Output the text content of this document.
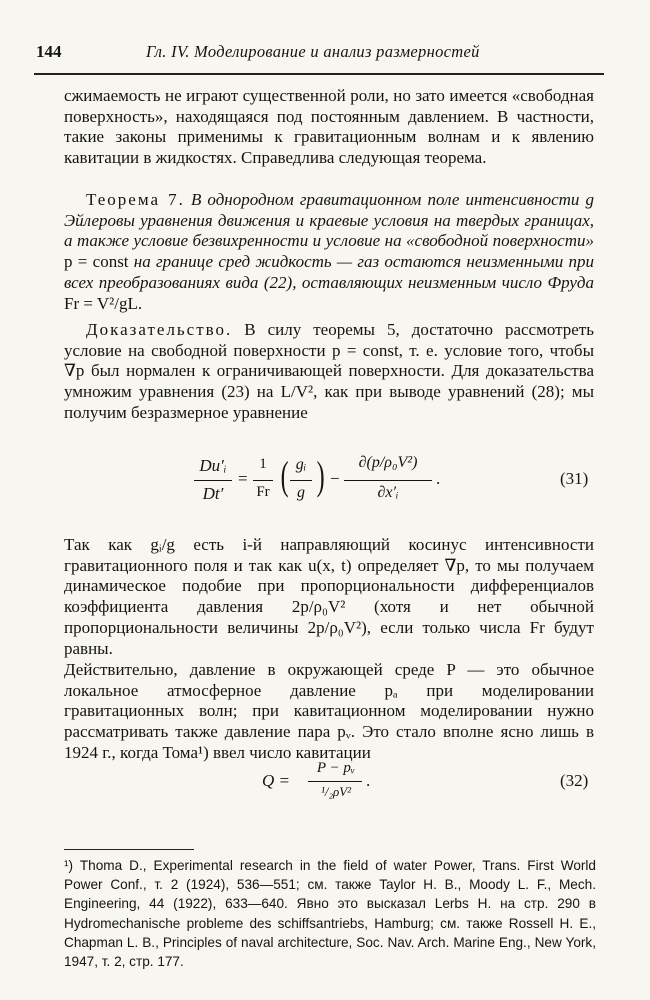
144	Гл. IV. Моделирование и анализ размерностей
сжимаемость не играют существенной роли, но зато имеется «свободная поверхность», находящаяся под постоянным давлением. В частности, такие законы применимы к гравитационным волнам и к явлению кавитации в жидкостях. Справедлива следующая теорема.
Теорема 7. В однородном гравитационном поле интенсивности g Эйлеровы уравнения движения и краевые условия на твердых границах, а также условие безвихренности и условие на «свободной поверхности» p = const на границе сред жидкость — газ остаются неизменными при всех преобразованиях вида (22), оставляющих неизменным число Фруда Fr = V²/gL.
Доказательство. В силу теоремы 5, достаточно рассмотреть условие на свободной поверхности p = const, т. е. условие того, чтобы ∇p был нормален к ограничивающей поверхности. Для доказательства умножим уравнения (23) на L/V², как при выводе уравнений (28); мы получим безразмерное уравнение
Du′ᵢ
Dt′
=
1
Fr ( gᵢ
g ) −
∂(p/ρ₀V²)
∂x′ᵢ
.	(31)
Так как gᵢ/g есть i-й направляющий косинус интенсивности гравитационного поля и так как u(x, t) определяет ∇p, то мы получаем динамическое подобие при пропорциональности дифференциалов коэффициента давления 2p/ρ₀V² (хотя и нет обычной пропорциональности величины 2p/ρ₀V²), если только числа Fr будут равны.
Действительно, давление в окружающей среде P — это обычное локальное атмосферное давление pₐ при моделировании гравитационных волн; при кавитационном моделировании нужно рассматривать также давление пара pᵥ. Это стало вполне ясно лишь в 1924 г., когда Тома¹) ввел число кавитации
Q =
P − pᵥ
¹/₂ρV²
.	(32)
¹) Thoma D., Experimental research in the field of water Power, Trans. First World Power Conf., т. 2 (1924), 536—551; см. также Taylor H. B., Moody L. F., Mech. Engineering, 44 (1922), 633—640. Явно это высказал Lerbs H. на стр. 290 в Hydromechanische probleme des schiffsantriebs, Hamburg; см. также Rossell H. E., Chapman L. B., Principles of naval architecture, Soc. Nav. Arch. Marine Eng., New York, 1947, т. 2, стр. 177.
